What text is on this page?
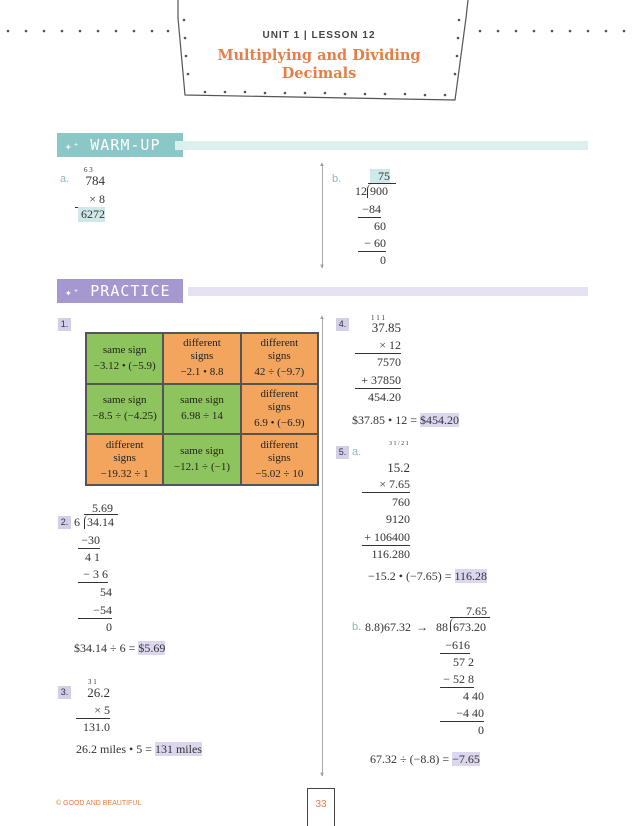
UNIT 1 | LESSON 12
Multiplying and Dividing
Decimals
✦⁺ WARM-UP
a.
6 3
784
× 8
6272
b.	75
12 900
−84
60
− 60
0
▲
▼
✦⁺ PRACTICE
▲
▼
1.
same sign
−3.12 • (−5.9)
different
signs
−2.1 • 8.8
different
signs
42 ÷ (−9.7)
same sign
−8.5 ÷ (−4.25)
same sign
6.98 ÷ 14
different
signs
6.9 • (−6.9)
different
signs
−19.32 ÷ 1
same sign
−12.1 ÷ (−1)
different
signs
−5.02 ÷ 10
2.
5.69
6 34.14
−30
4 1
− 3 6
54
−54
0
$34.14 ÷ 6 = $5.69
3.
3 1
26.2
× 5
131.0
26.2 miles • 5 = 131 miles
4.
1 1 1
37.85
× 12
7570
+ 37850
454.20
$37.85 • 12 = $454.20
5. a.
3 1 / 2 1
15.2
× 7.65
760
9120
+ 106400
116.280
−15.2 • (−7.65) = 116.28
b. 8.8)67.32 →
7.65
88 673.20
−616
57 2
− 52 8
4 40
−4 40
0
67.32 ÷ (−8.8) = −7.65
© GOOD AND BEAUTIFUL	33
